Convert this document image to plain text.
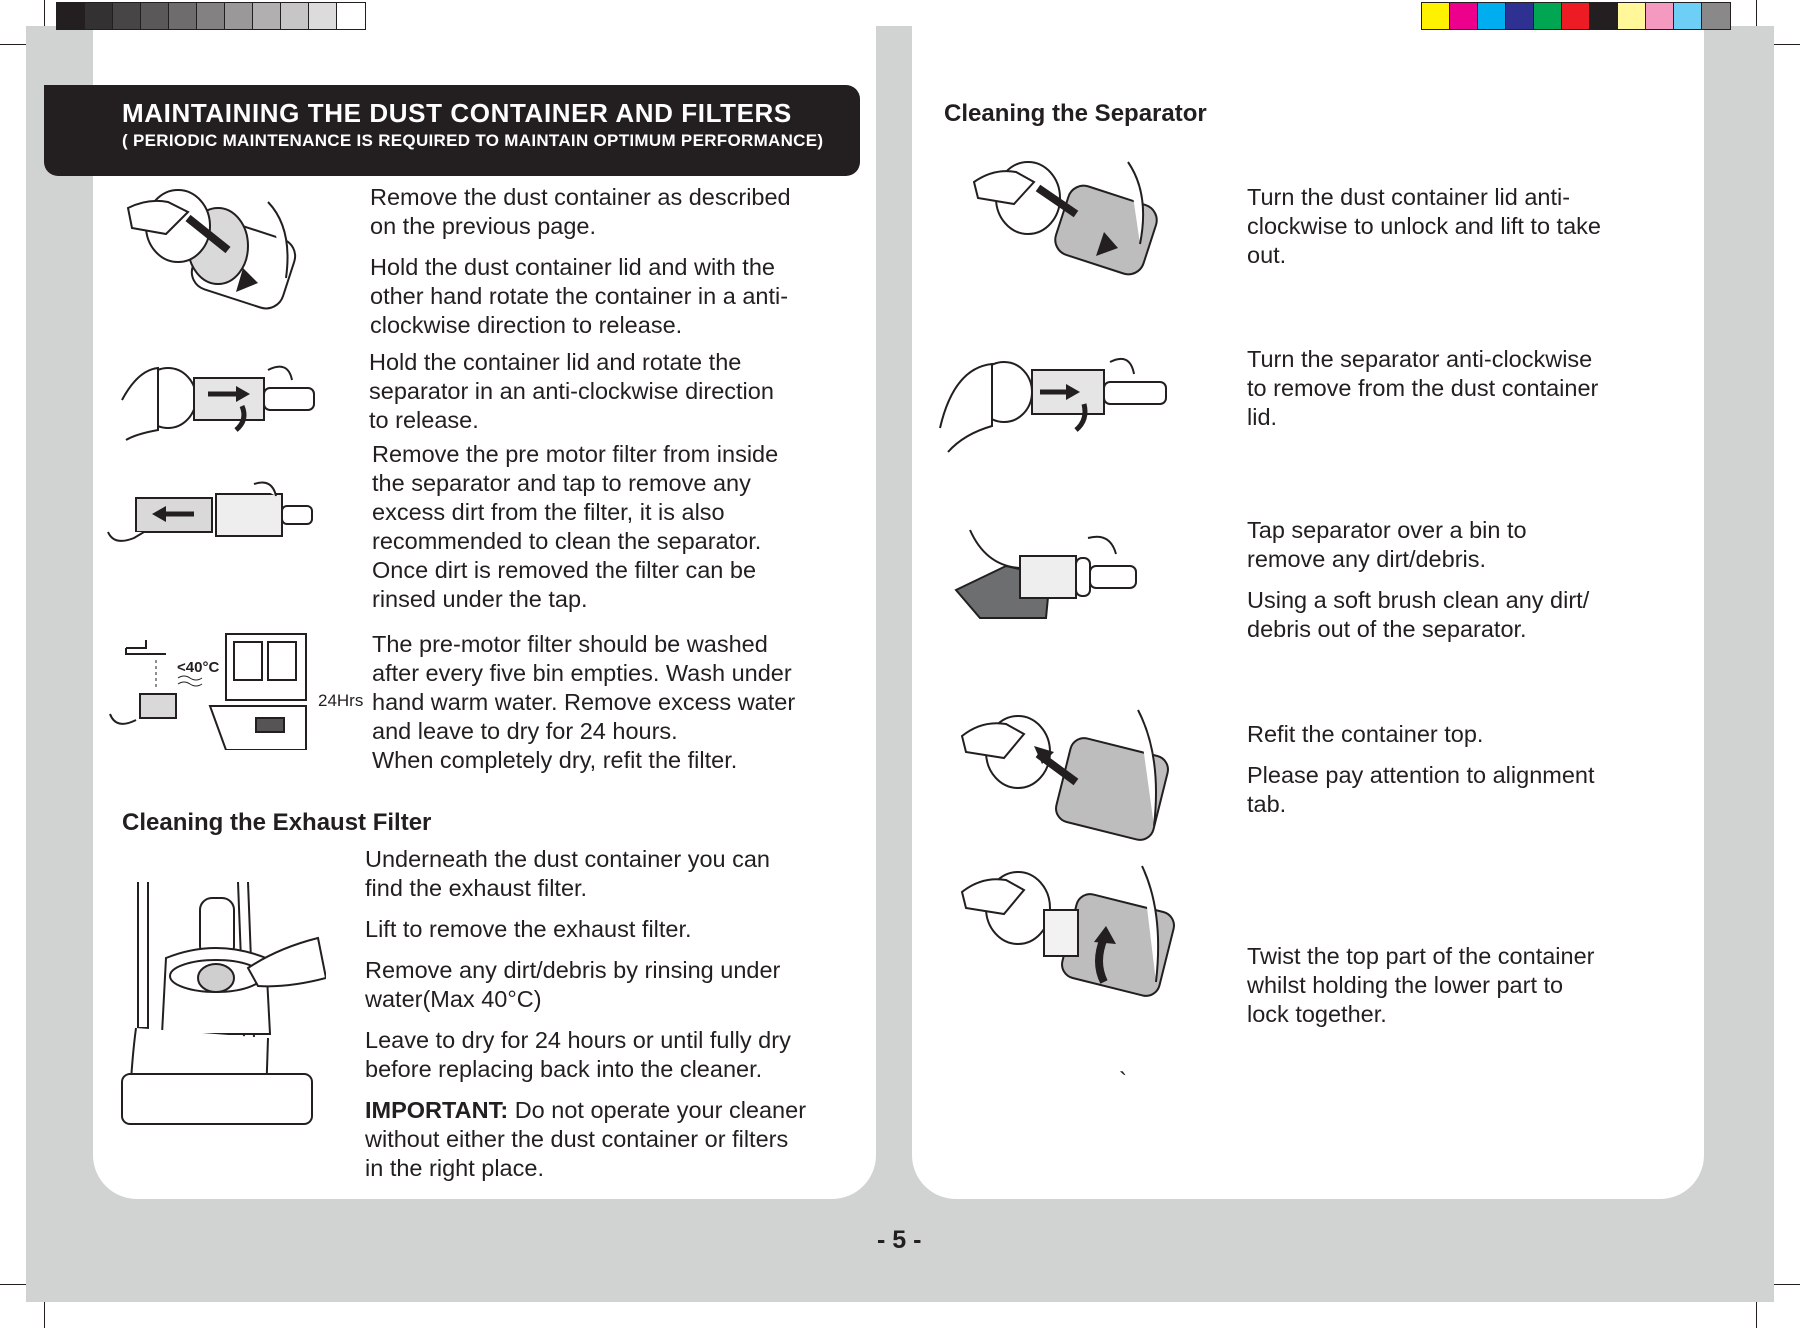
MAINTAINING THE DUST CONTAINER AND FILTERS
( PERIODIC MAINTENANCE IS REQUIRED TO MAINTAIN OPTIMUM PERFORMANCE)
<40°C
24Hrs
Remove the dust container as described
on the previous page.
Hold the dust container lid and with the
other hand rotate the container in a anti-
clockwise direction to release.
Hold the container lid and rotate the
separator in an anti-clockwise direction
to release.
Remove the pre motor filter from inside
the separator and tap to remove any
excess dirt from the filter, it is also
recommended to clean the separator.
Once dirt is removed the filter can be
rinsed under the tap.
The pre-motor filter should be washed
after every five bin empties. Wash under
hand warm water. Remove excess water
and leave to dry for 24 hours.
When completely dry, refit the filter.
Cleaning the Exhaust Filter
Underneath the dust container you can
find the exhaust filter.
Lift to remove the exhaust filter.
Remove any dirt/debris by rinsing under
water(Max 40°C)
Leave to dry for 24 hours or until fully dry
before replacing back into the cleaner.
IMPORTANT: Do not operate your cleaner
without either the dust container or filters
in the right place.
Cleaning the Separator
Turn the dust container lid anti-
clockwise to unlock and lift to take
out.
Turn the separator anti-clockwise
to remove from the dust container
lid.
Tap separator over a bin to
remove any dirt/debris.
Using a soft brush clean any dirt/
debris out of the separator.
Refit the container top.
Please pay attention to alignment
tab.
Twist the top part of the container
whilst holding the lower part to
lock together.
`
- 5 -
